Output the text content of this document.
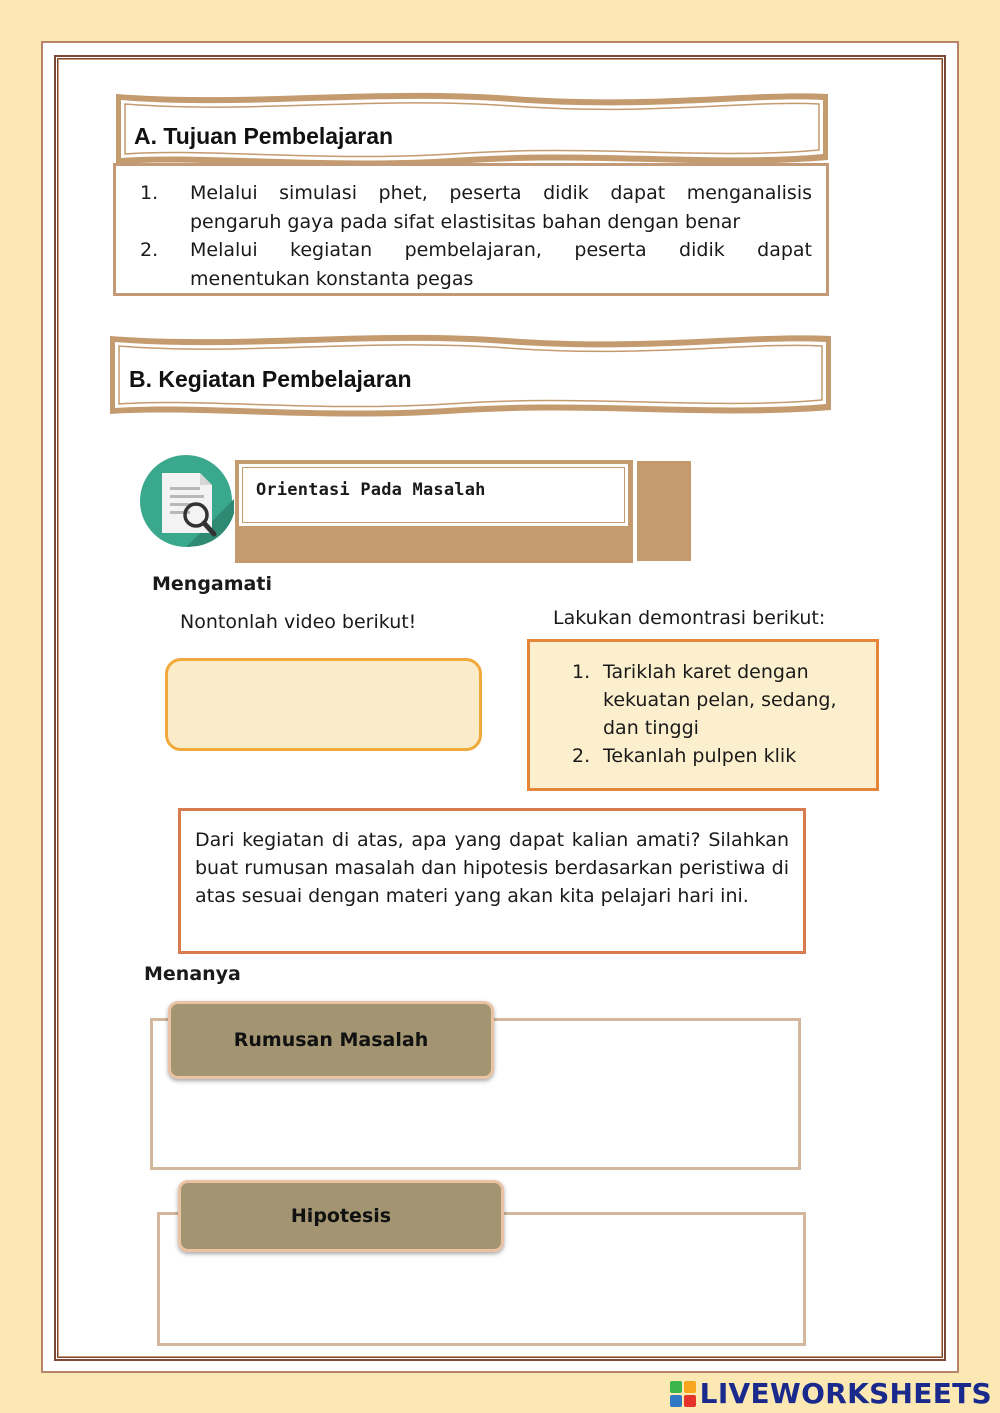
A. Tujuan Pembelajaran
1. Melalui simulasi phet, peserta didik dapat menganalisis
pengaruh gaya pada sifat elastisitas bahan dengan benar
2. Melalui kegiatan pembelajaran, peserta didik dapat
menentukan konstanta pegas
B. Kegiatan Pembelajaran
Orientasi Pada Masalah
Mengamati
Nontonlah video berikut!	Lakukan demontrasi berikut:
1. Tariklah karet dengan
kekuatan pelan, sedang,
dan tinggi
2. Tekanlah pulpen klik
Dari kegiatan di atas, apa yang dapat kalian amati? Silahkan buat rumusan masalah dan hipotesis berdasarkan peristiwa di atas sesuai dengan materi yang akan kita pelajari hari ini.
Menanya
Rumusan Masalah
Hipotesis
LIVEWORKSHEETS
